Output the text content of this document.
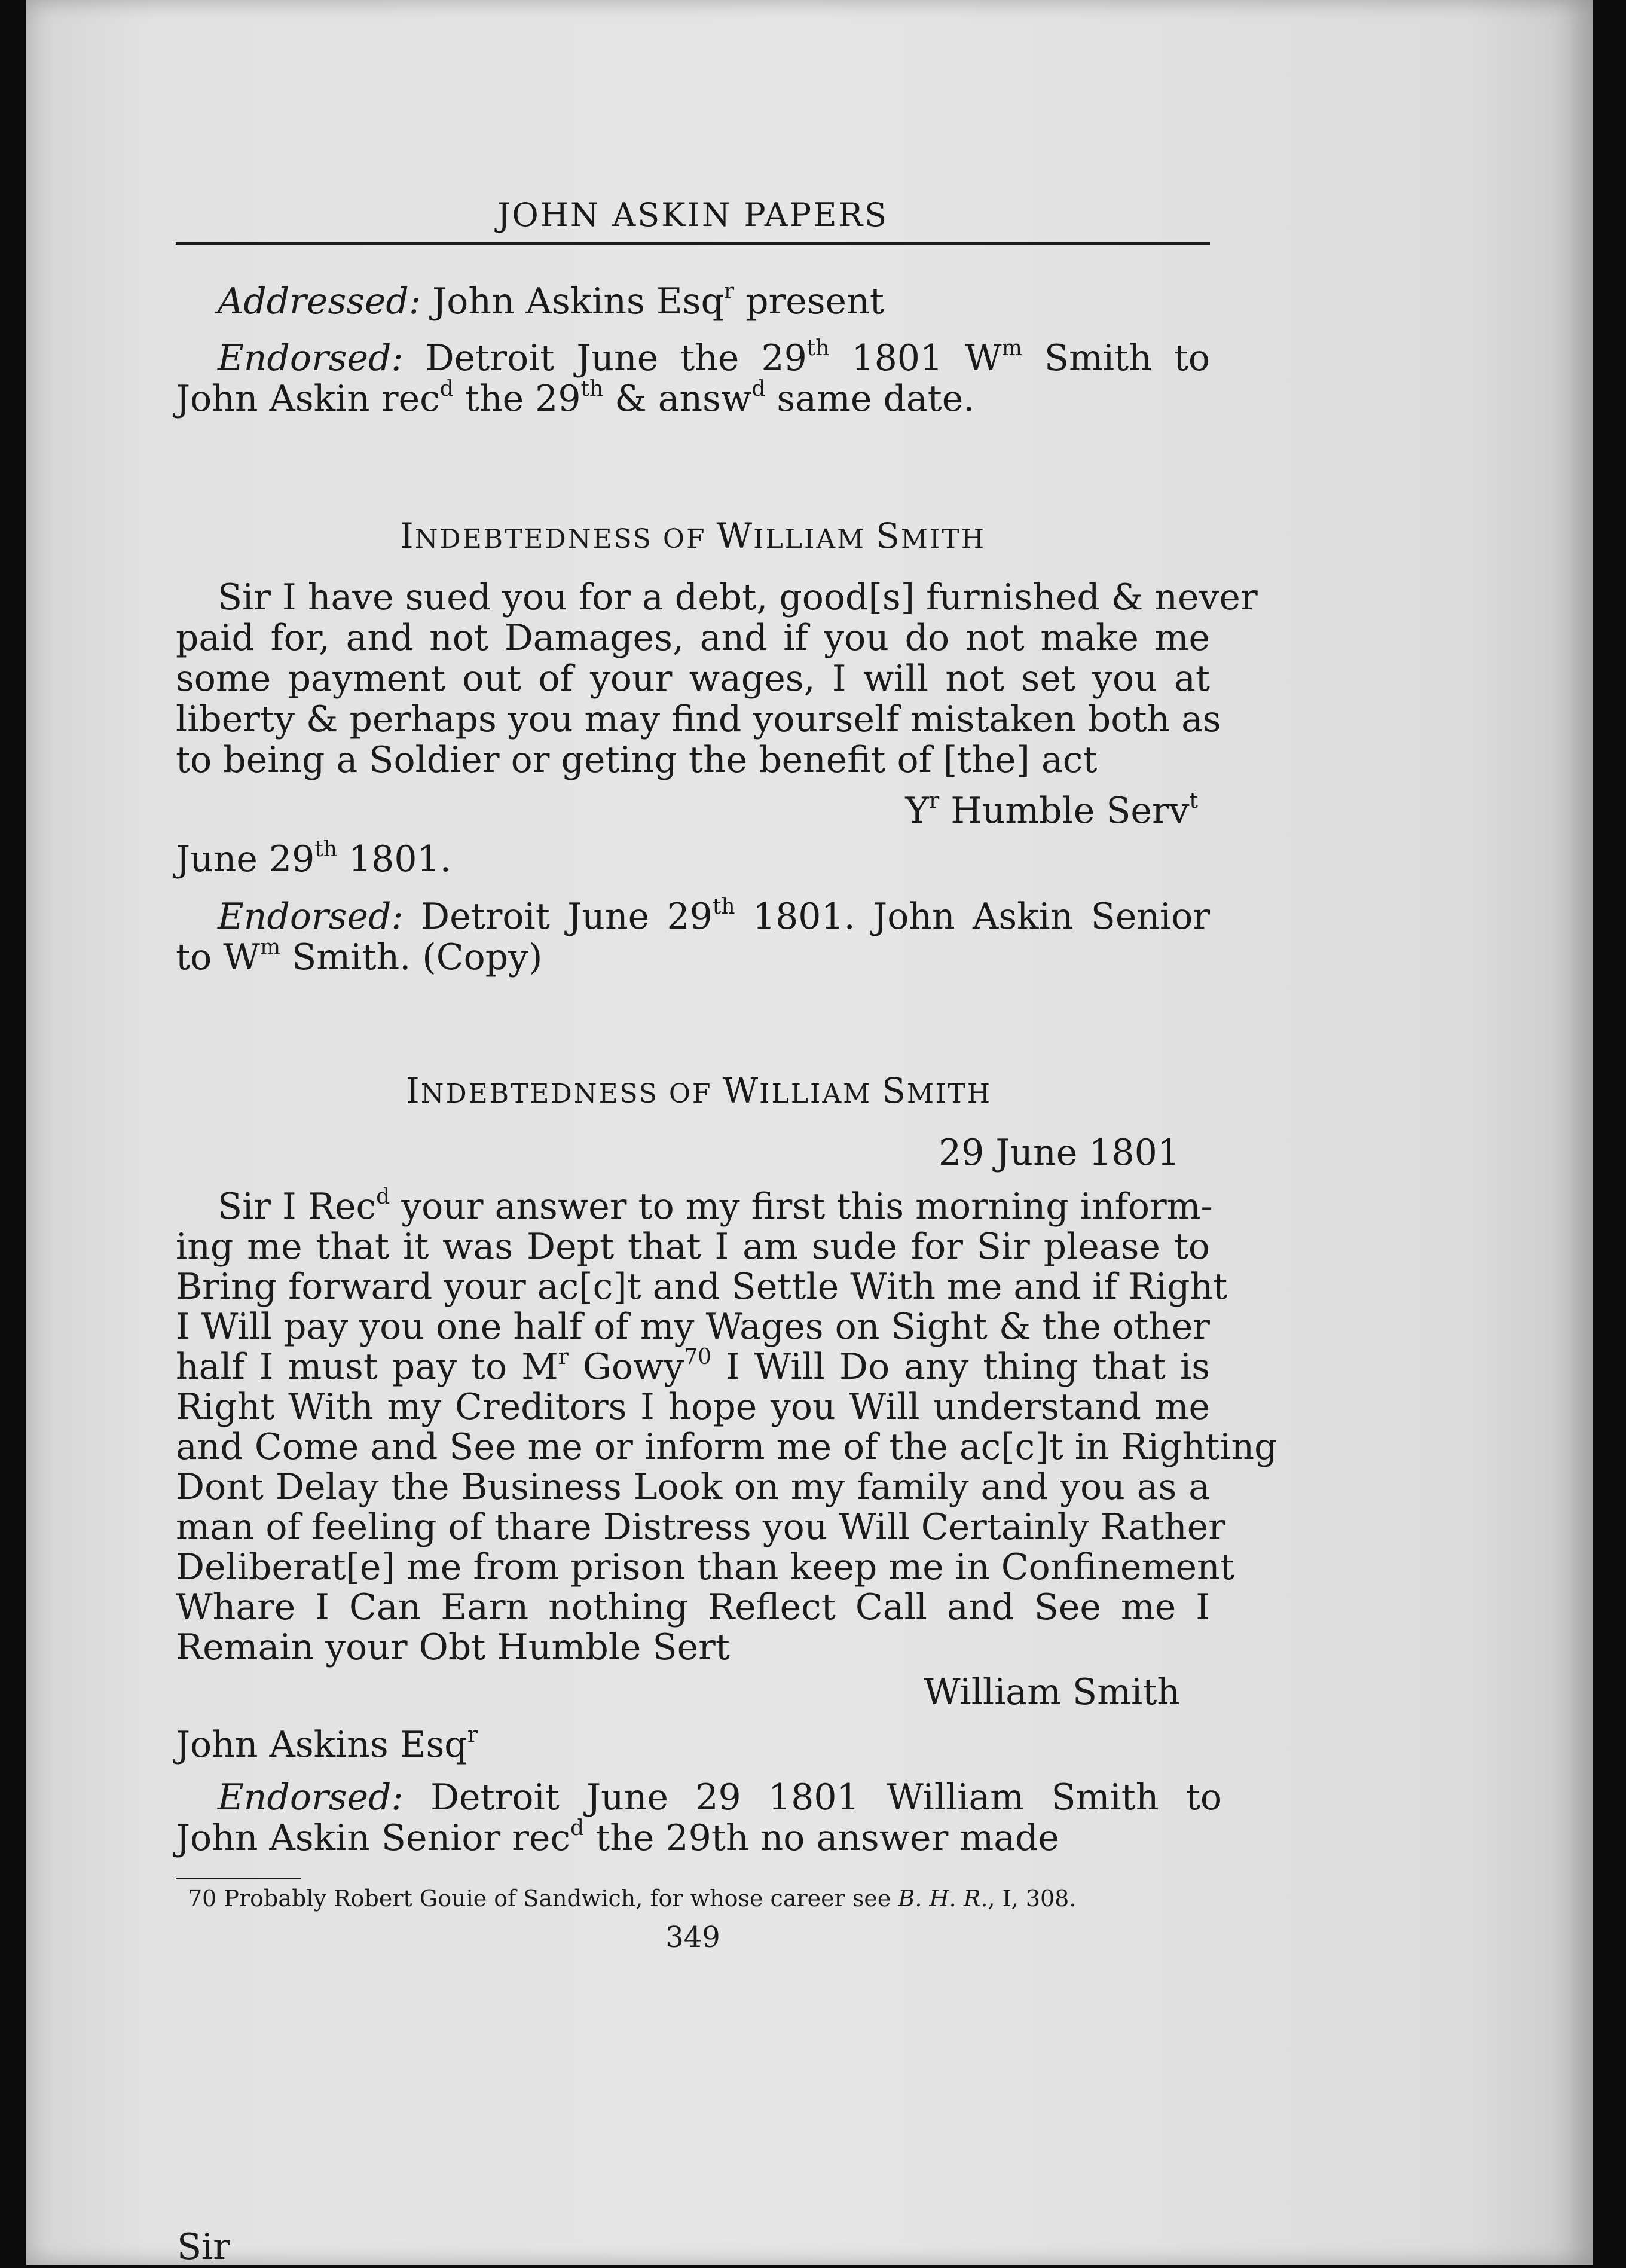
JOHN ASKIN PAPERS
Addressed: John Askins Esq$^r$ present
Endorsed: Detroit June the 29th 1801 $W^m$ Smith to
John Askin rec$^d$ the 29th & answ$^d$ same date.
INDEBTEDNESS OF WILLIAM SMITH
Sir I have sued you for a debt, good[s] furnished & never
paid for, and not Damages, and if you do not make me
some payment out of your wages, I will not set you at
liberty & perhaps you may find yourself mistaken both as
to being a Soldier or geting the benefit of [the] act
$Y^r$ Humble Serv$^t$
June 29th 1801.
Endorsed: Detroit June 29th 1801. John Askin Senior
to $W^m$ Smith. (Copy)
INDEBTEDNESS OF WILLIAM SMITH
29 June 1801
Sir I Rec$^d$ your answer to my first this morning inform-
ing me that it was Dept that I am sude for Sir please to
Bring forward your ac[c]t and Settle With me and if Right
I Will pay you one half of my Wages on Sight & the other
half I must pay to $M^r$ Gowy$^{70}$ I Will Do any thing that is
Right With my Creditors I hope you Will understand me
and Come and See me or inform me of the ac[c]t in Righting
Dont Delay the Business Look on my family and you as a
man of feeling of thare Distress you Will Certainly Rather
Deliberat[e] me from prison than keep me in Confinement
Whare I Can Earn nothing Reflect Call and See me I
Remain your Obt Humble Sert
William Smith
John Askins Esq$^r$
Endorsed: Detroit June 29 1801 William Smith to
John Askin Senior rec$^d$ the 29th no answer made
70 Probably Robert Gouie of Sandwich, for whose career see B. H. R., I, 308.
349
Sir
